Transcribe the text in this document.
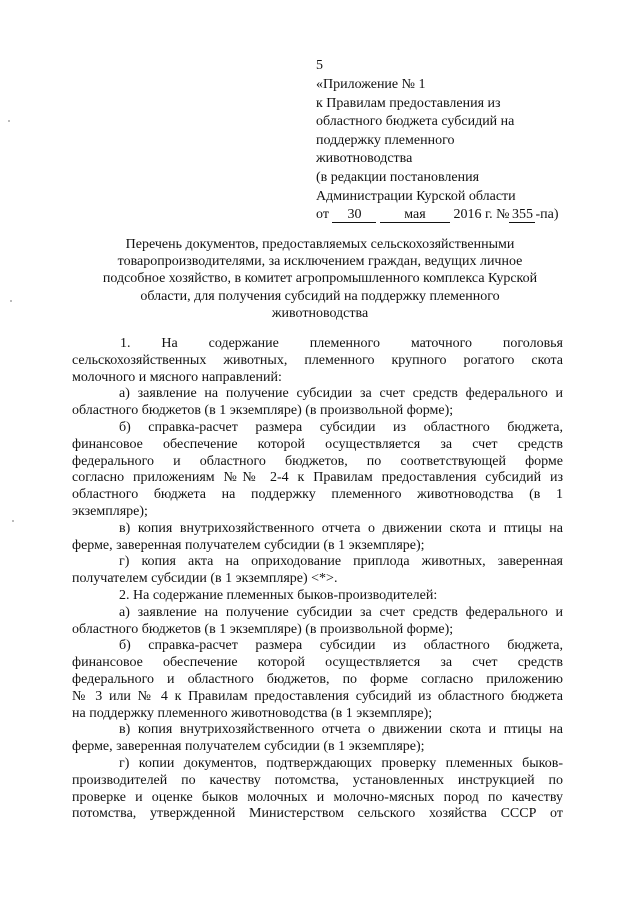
5
«Приложение № 1
к Правилам предоставления из
областного бюджета субсидий на
поддержку племенного
животноводства
(в редакции постановления
Администрации Курской области
от 30	мая 2016 г. № 355 -па)
Перечень документов, предоставляемых сельскохозяйственными
товаропроизводителями, за исключением граждан, ведущих личное
подсобное хозяйство, в комитет агропромышленного комплекса Курской
области, для получения субсидий на поддержку племенного
животноводства
1. На содержание племенного маточного поголовья
сельскохозяйственных животных, племенного крупного рогатого скота
молочного и мясного направлений:
а) заявление на получение субсидии за счет средств федерального и
областного бюджетов (в 1 экземпляре) (в произвольной форме);
б) справка-расчет размера субсидии из областного бюджета,
финансовое обеспечение которой осуществляется за счет средств
федерального и областного бюджетов, по соответствующей форме
согласно приложениям №№ 2-4 к Правилам предоставления субсидий из
областного бюджета на поддержку племенного животноводства (в 1
экземпляре);
в) копия внутрихозяйственного отчета о движении скота и птицы на
ферме, заверенная получателем субсидии (в 1 экземпляре);
г) копия акта на оприходование приплода животных, заверенная
получателем субсидии (в 1 экземпляре) <*>.
2. На содержание племенных быков-производителей:
а) заявление на получение субсидии за счет средств федерального и
областного бюджетов (в 1 экземпляре) (в произвольной форме);
б) справка-расчет размера субсидии из областного бюджета,
финансовое обеспечение которой осуществляется за счет средств
федерального и областного бюджетов, по форме согласно приложению
№ 3 или № 4 к Правилам предоставления субсидий из областного бюджета
на поддержку племенного животноводства (в 1 экземпляре);
в) копия внутрихозяйственного отчета о движении скота и птицы на
ферме, заверенная получателем субсидии (в 1 экземпляре);
г) копии документов, подтверждающих проверку племенных быков-
производителей по качеству потомства, установленных инструкцией по
проверке и оценке быков молочных и молочно-мясных пород по качеству
потомства, утвержденной Министерством сельского хозяйства СССР от
